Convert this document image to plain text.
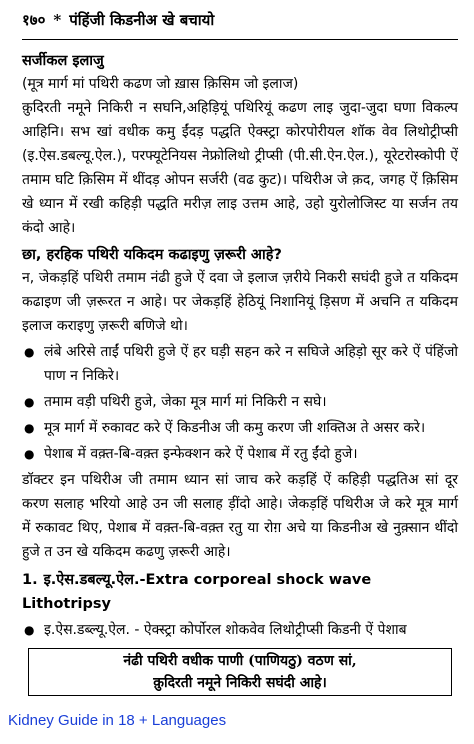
१७० * पंहिंजी किडनीअ खे बचायो
सर्जीकल इलाजु
(मूत्र मार्ग मां पथिरी कढण जो ख़ास क़िसिम जो इलाज)
क़ुदिरती नमूने निकिरी न सघनि,अहिड़ियूं पथिरियूं कढण लाइ जुदा-जुदा घणा विकल्प आहिनि। सभ खां वधीक कमु ईंदड़ पद्धति ऐक्स्ट्रा कोरपोरीयल शॉक वेव लिथोट्रीप्सी (इ.ऐस.डबल्यू.ऐल.), परफ्यूटेनियस नेफ्रोलिथो ट्रीप्सी (पी.सी.ऐन.ऐल.), यूरेटरोस्कोपी ऐं तमाम घटि क़िसिम में थींदड़ ओपन सर्जरी (वढ कुट)। पथिरीअ जे क़द, जगह ऐं क़िसिम खे ध्यान में रखी कहिड़ी पद्धति मरीज़ लाइ उत्तम आहे, उहो युरोलोजिस्ट या सर्जन तय कंदो आहे।
छा, हरहिक पथिरी यकिदम कढाइणु ज़रूरी आहे?
न, जेकड़हिं पथिरी तमाम नंढी हुजे ऐं दवा जे इलाज ज़रीये निकरी सघंदी हुजे त यकिदम कढाइण जी ज़रूरत न आहे। पर जेकड़हिं हेठियूं निशानियूं ड़िसण में अचनि त यकिदम इलाज कराइणु ज़रूरी बणिजे थो।
● लंबे अरिसे ताईं पथिरी हुजे ऐं हर घड़ी सहन करे न सघिजे अहिड़ो सूर करे ऐं पंहिंजो पाण न निकिरे।
● तमाम वड़ी पथिरी हुजे, जेका मूत्र मार्ग मां निकिरी न सघे।
● मूत्र मार्ग में रुकावट करे ऐं किडनीअ जी कमु करण जी शक्तिअ ते असर करे।
● पेशाब में वक़्त-बि-वक़्त इन्फेक्शन करे ऐं पेशाब में रतु ईंदो हुजे।
डॉक्टर इन पथिरीअ जी तमाम ध्यान सां जाच करे कड़हिं ऐं कहिड़ी पद्धतिअ सां दूर करण सलाह भरियो आहे उन जी सलाह ड़ींदो आहे। जेकड़हिं पथिरीअ जे करे मूत्र मार्ग में रुकावट थिए, पेशाब में वक़्त-बि-वक़्त रतु या रोग़ अचे या किडनीअ खे नुक़्सान थींदो हुजे त उन खे यकिदम कढणु ज़रूरी आहे।
1. इ.ऐस.डबल्यू.ऐल.-Extra corporeal shock wave Lithotripsy
● इ.ऐस.डब्ल्यू.ऐल. - ऐक्स्ट्रा कोर्पोरल शोकवेव लिथोट्रीप्सी किडनी ऐं पेशाब
नंढी पथिरी वधीक पाणी (पाणियठु) वठण सां,
क़ुदिरती नमूने निकिरी सघंदी आहे।
Kidney Guide in 18 + Languages
